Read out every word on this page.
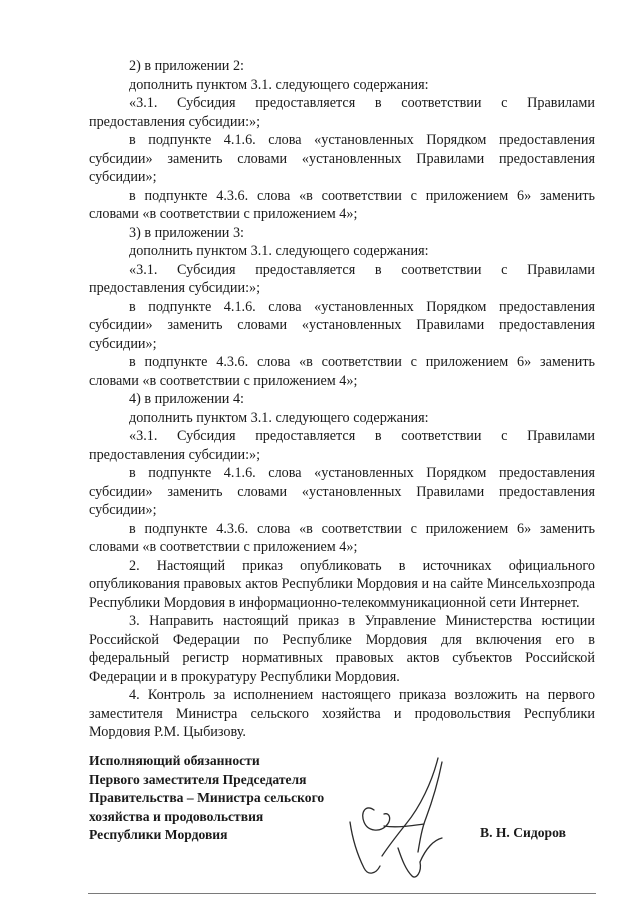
2) в приложении 2:

дополнить пунктом 3.1. следующего содержания:

«3.1. Субсидия предоставляется в соответствии с Правилами предоставления субсидии:»;

в подпункте 4.1.6. слова «установленных Порядком предоставления субсидии» заменить словами «установленных Правилами предоставления субсидии»;

в подпункте 4.3.6. слова «в соответствии с приложением 6» заменить словами «в соответствии с приложением 4»;

3) в приложении 3:

дополнить пунктом 3.1. следующего содержания:

«3.1. Субсидия предоставляется в соответствии с Правилами предоставления субсидии:»;

в подпункте 4.1.6. слова «установленных Порядком предоставления субсидии» заменить словами «установленных Правилами предоставления субсидии»;

в подпункте 4.3.6. слова «в соответствии с приложением 6» заменить словами «в соответствии с приложением 4»;

4) в приложении 4:

дополнить пунктом 3.1. следующего содержания:

«3.1. Субсидия предоставляется в соответствии с Правилами предоставления субсидии:»;

в подпункте 4.1.6. слова «установленных Порядком предоставления субсидии» заменить словами «установленных Правилами предоставления субсидии»;

в подпункте 4.3.6. слова «в соответствии с приложением 6» заменить словами «в соответствии с приложением 4»;

2. Настоящий приказ опубликовать в источниках официального опубликования правовых актов Республики Мордовия и на сайте Минсельхозпрода Республики Мордовия в информационно-телекоммуникационной сети Интернет.

3. Направить настоящий приказ в Управление Министерства юстиции Российской Федерации по Республике Мордовия для включения его в федеральный регистр нормативных правовых актов субъектов Российской Федерации и в прокуратуру Республики Мордовия.

4. Контроль за исполнением настоящего приказа возложить на первого заместителя Министра сельского хозяйства и продовольствия Республики Мордовия Р.М. Цыбизову.

Исполняющий обязанности
Первого заместителя Председателя
Правительства – Министра сельского
хозяйства и продовольствия
Республики Мордовия	В. Н. Сидоров
